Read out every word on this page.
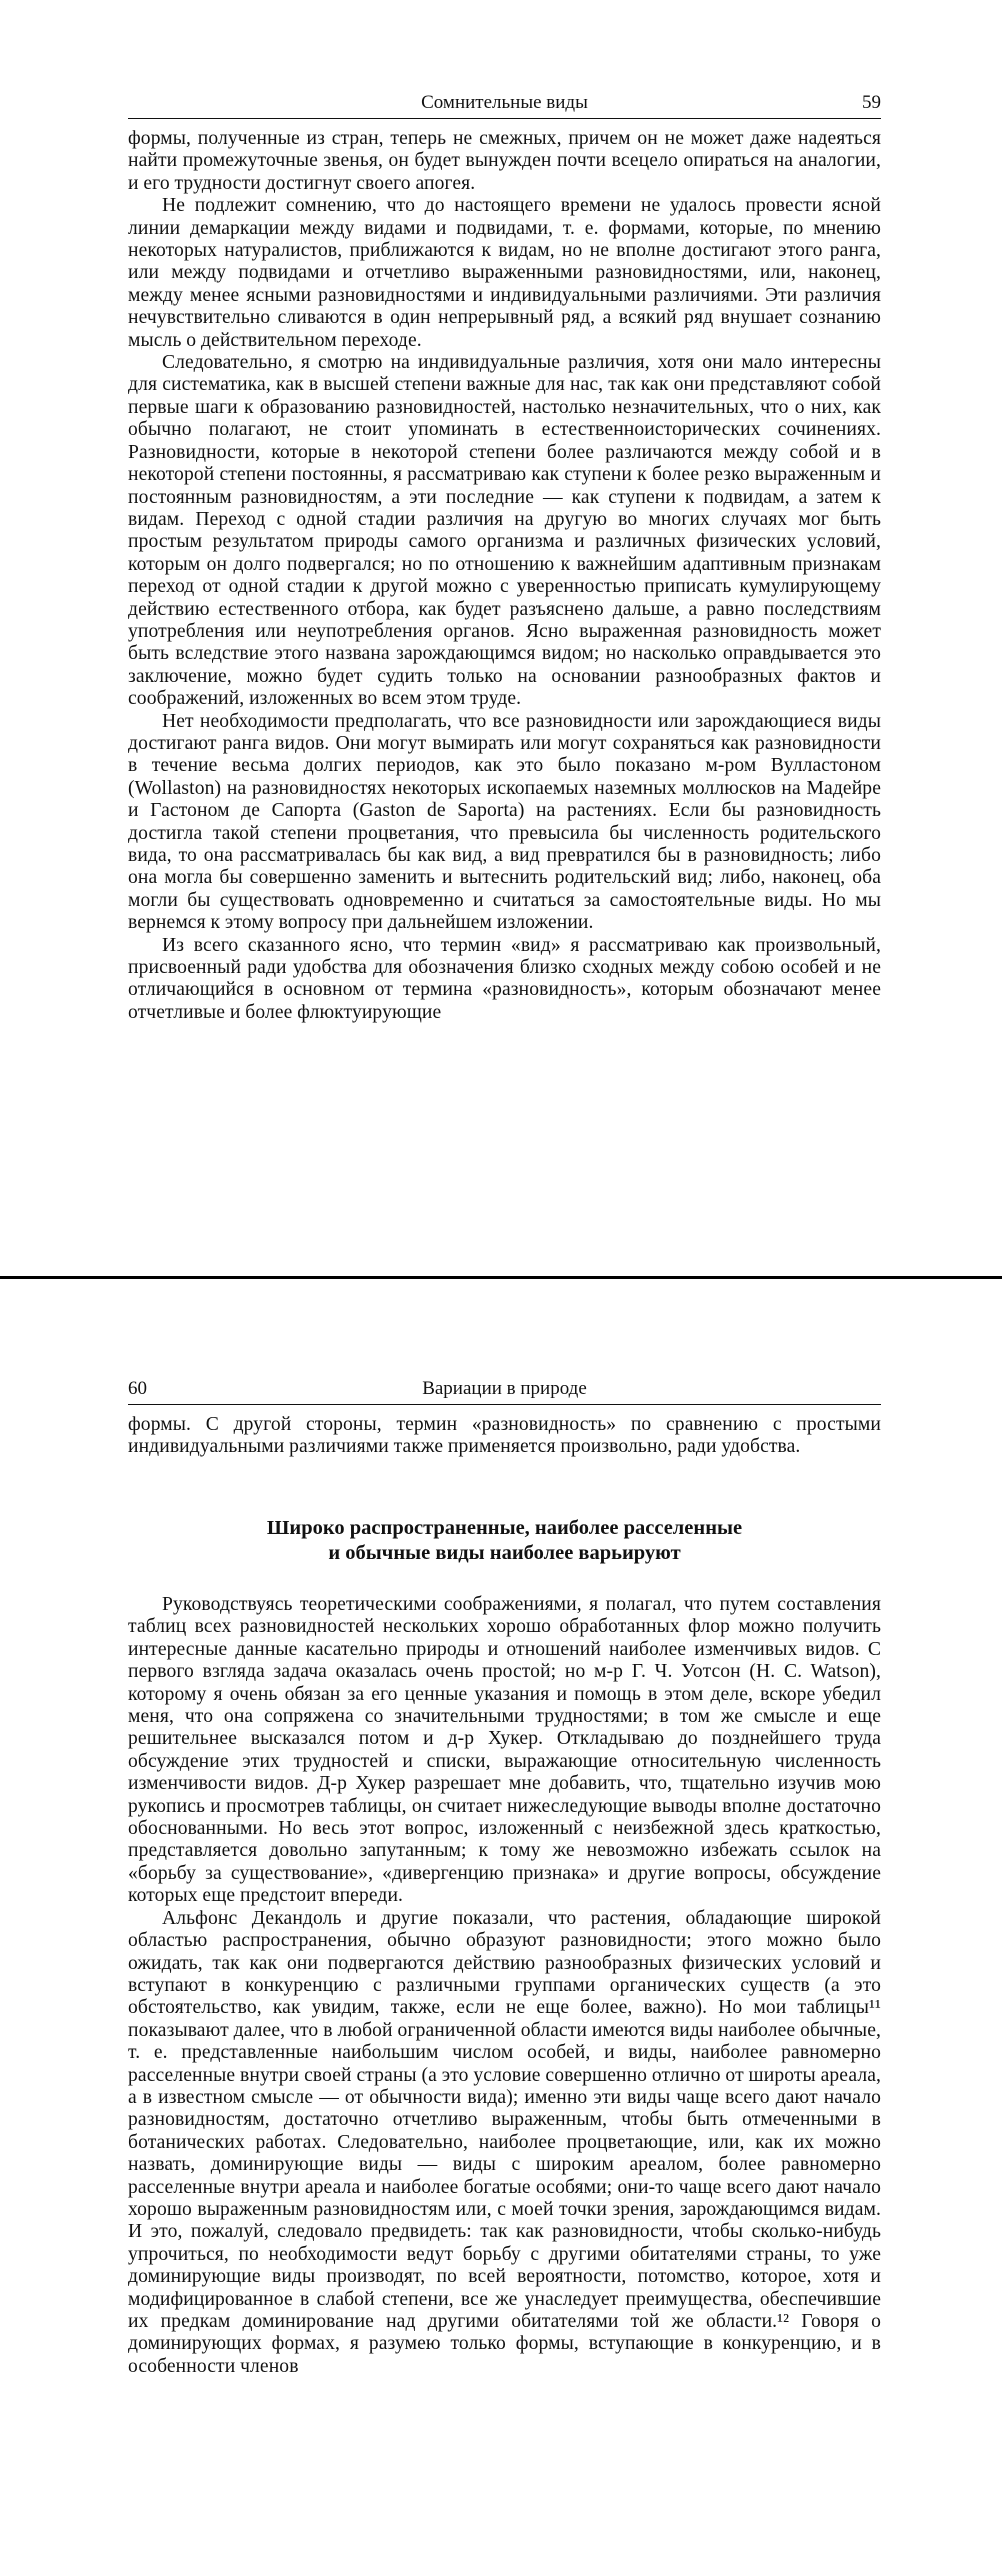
Сомнительные виды	59

формы, полученные из стран, теперь не смежных, причем он не может даже надеяться найти промежуточные звенья, он будет вынужден почти всецело опираться на аналогии, и его трудности достигнут своего апогея.

Не подлежит сомнению, что до настоящего времени не удалось провести ясной линии демаркации между видами и подвидами, т. е. формами, которые, по мнению некоторых натуралистов, приближаются к видам, но не вполне достигают этого ранга, или между подвидами и отчетливо выраженными разновидностями, или, наконец, между менее ясными разновидностями и индивидуальными различиями. Эти различия нечувствительно сливаются в один непрерывный ряд, а всякий ряд внушает сознанию мысль о действительном переходе.

Следовательно, я смотрю на индивидуальные различия, хотя они мало интересны для систематика, как в высшей степени важные для нас, так как они представляют собой первые шаги к образованию разновидностей, настолько незначительных, что о них, как обычно полагают, не стоит упоминать в естественноисторических сочинениях. Разновидности, которые в некоторой степени более различаются между собой и в некоторой степени постоянны, я рассматриваю как ступени к более резко выраженным и постоянным разновидностям, а эти последние — как ступени к подвидам, а затем к видам. Переход с одной стадии различия на другую во многих случаях мог быть простым результатом природы самого организма и различных физических условий, которым он долго подвергался; но по отношению к важнейшим адаптивным признакам переход от одной стадии к другой можно с уверенностью приписать кумулирующему действию естественного отбора, как будет разъяснено дальше, а равно последствиям употребления или неупотребления органов. Ясно выраженная разновидность может быть вследствие этого названа зарождающимся видом; но насколько оправдывается это заключение, можно будет судить только на основании разнообразных фактов и соображений, изложенных во всем этом труде.

Нет необходимости предполагать, что все разновидности или зарождающиеся виды достигают ранга видов. Они могут вымирать или могут сохраняться как разновидности в течение весьма долгих периодов, как это было показано м-ром Вулластоном (Wollaston) на разновидностях некоторых ископаемых наземных моллюсков на Мадейре и Гастоном де Сапорта (Gaston de Saporta) на растениях. Если бы разновидность достигла такой степени процветания, что превысила бы численность родительского вида, то она рассматривалась бы как вид, а вид превратился бы в разновидность; либо она могла бы совершенно заменить и вытеснить родительский вид; либо, наконец, оба могли бы существовать одновременно и считаться за самостоятельные виды. Но мы вернемся к этому вопросу при дальнейшем изложении.

Из всего сказанного ясно, что термин «вид» я рассматриваю как произвольный, присвоенный ради удобства для обозначения близко сходных между собою особей и не отличающийся в основном от термина «разновидность», которым обозначают менее отчетливые и более флюктуирующие

60	Вариации в природе

формы. С другой стороны, термин «разновидность» по сравнению с простыми индивидуальными различиями также применяется произвольно, ради удобства.

Широко распространенные, наиболее расселенные
и обычные виды наиболее варьируют

Руководствуясь теоретическими соображениями, я полагал, что путем составления таблиц всех разновидностей нескольких хорошо обработанных флор можно получить интересные данные касательно природы и отношений наиболее изменчивых видов. С первого взгляда задача оказалась очень простой; но м-р Г. Ч. Уотсон (H. C. Watson), которому я очень обязан за его ценные указания и помощь в этом деле, вскоре убедил меня, что она сопряжена со значительными трудностями; в том же смысле и еще решительнее высказался потом и д-р Хукер. Откладываю до позднейшего труда обсуждение этих трудностей и списки, выражающие относительную численность изменчивости видов. Д-р Хукер разрешает мне добавить, что, тщательно изучив мою рукопись и просмотрев таблицы, он считает нижеследующие выводы вполне достаточно обоснованными. Но весь этот вопрос, изложенный с неизбежной здесь краткостью, представляется довольно запутанным; к тому же невозможно избежать ссылок на «борьбу за существование», «дивергенцию признака» и другие вопросы, обсуждение которых еще предстоит впереди.

Альфонс Декандоль и другие показали, что растения, обладающие широкой областью распространения, обычно образуют разновидности; этого можно было ожидать, так как они подвергаются действию разнообразных физических условий и вступают в конкуренцию с различными группами органических существ (а это обстоятельство, как увидим, также, если не еще более, важно). Но мои таблицы¹¹ показывают далее, что в любой ограниченной области имеются виды наиболее обычные, т. е. представленные наибольшим числом особей, и виды, наиболее равномерно расселенные внутри своей страны (а это условие совершенно отлично от широты ареала, а в известном смысле — от обычности вида); именно эти виды чаще всего дают начало разновидностям, достаточно отчетливо выраженным, чтобы быть отмеченными в ботанических работах. Следовательно, наиболее процветающие, или, как их можно назвать, доминирующие виды — виды с широким ареалом, более равномерно расселенные внутри ареала и наиболее богатые особями; они-то чаще всего дают начало хорошо выраженным разновидностям или, с моей точки зрения, зарождающимся видам. И это, пожалуй, следовало предвидеть: так как разновидности, чтобы сколько-нибудь упрочиться, по необходимости ведут борьбу с другими обитателями страны, то уже доминирующие виды производят, по всей вероятности, потомство, которое, хотя и модифицированное в слабой степени, все же унаследует преимущества, обеспечившие их предкам доминирование над другими обитателями той же области.¹² Говоря о доминирующих формах, я разумею только формы, вступающие в конкуренцию, и в особенности членов
